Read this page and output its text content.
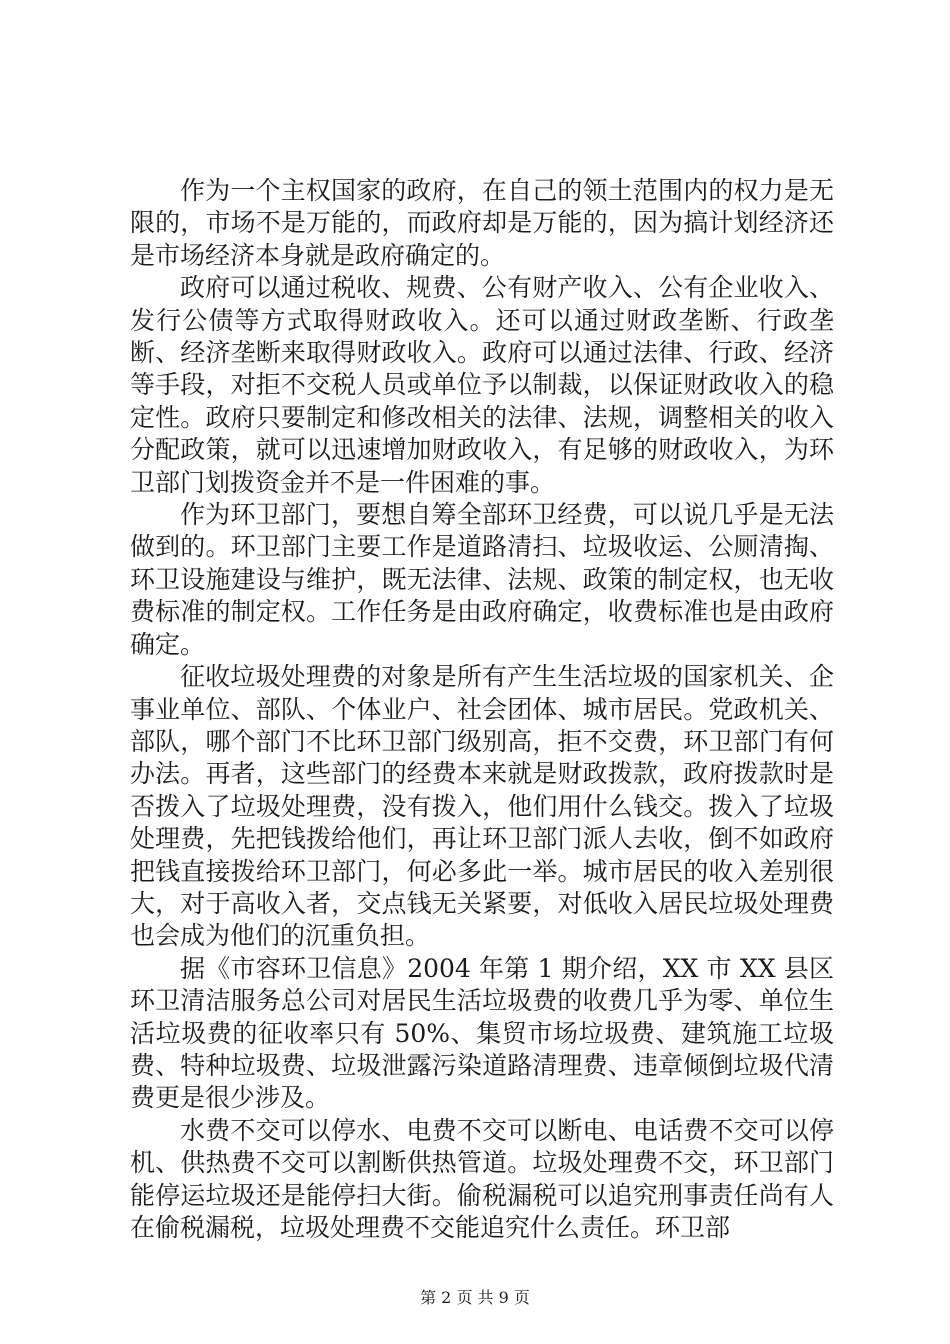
作为一个主权国家的政府，在自己的领土范围内的权力是无限的，市场不是万能的，而政府却是万能的，因为搞计划经济还是市场经济本身就是政府确定的。

政府可以通过税收、规费、公有财产收入、公有企业收入、发行公债等方式取得财政收入。还可以通过财政垄断、行政垄断、经济垄断来取得财政收入。政府可以通过法律、行政、经济等手段，对拒不交税人员或单位予以制裁，以保证财政收入的稳定性。政府只要制定和修改相关的法律、法规，调整相关的收入分配政策，就可以迅速增加财政收入，有足够的财政收入，为环卫部门划拨资金并不是一件困难的事。

作为环卫部门，要想自筹全部环卫经费，可以说几乎是无法做到的。环卫部门主要工作是道路清扫、垃圾收运、公厕清掏、环卫设施建设与维护，既无法律、法规、政策的制定权，也无收费标准的制定权。工作任务是由政府确定，收费标准也是由政府确定。

征收垃圾处理费的对象是所有产生生活垃圾的国家机关、企事业单位、部队、个体业户、社会团体、城市居民。党政机关、部队，哪个部门不比环卫部门级别高，拒不交费，环卫部门有何办法。再者，这些部门的经费本来就是财政拨款，政府拨款时是否拨入了垃圾处理费，没有拨入，他们用什么钱交。拨入了垃圾处理费，先把钱拨给他们，再让环卫部门派人去收，倒不如政府把钱直接拨给环卫部门，何必多此一举。城市居民的收入差别很大，对于高收入者，交点钱无关紧要，对低收入居民垃圾处理费也会成为他们的沉重负担。

据《市容环卫信息》2004 年第 1 期介绍，XX 市 XX 县区环卫清洁服务总公司对居民生活垃圾费的收费几乎为零、单位生活垃圾费的征收率只有 50%、集贸市场垃圾费、建筑施工垃圾费、特种垃圾费、垃圾泄露污染道路清理费、违章倾倒垃圾代清费更是很少涉及。

水费不交可以停水、电费不交可以断电、电话费不交可以停机、供热费不交可以割断供热管道。垃圾处理费不交，环卫部门能停运垃圾还是能停扫大街。偷税漏税可以追究刑事责任尚有人在偷税漏税，垃圾处理费不交能追究什么责任。环卫部

第 2 页 共 9 页
